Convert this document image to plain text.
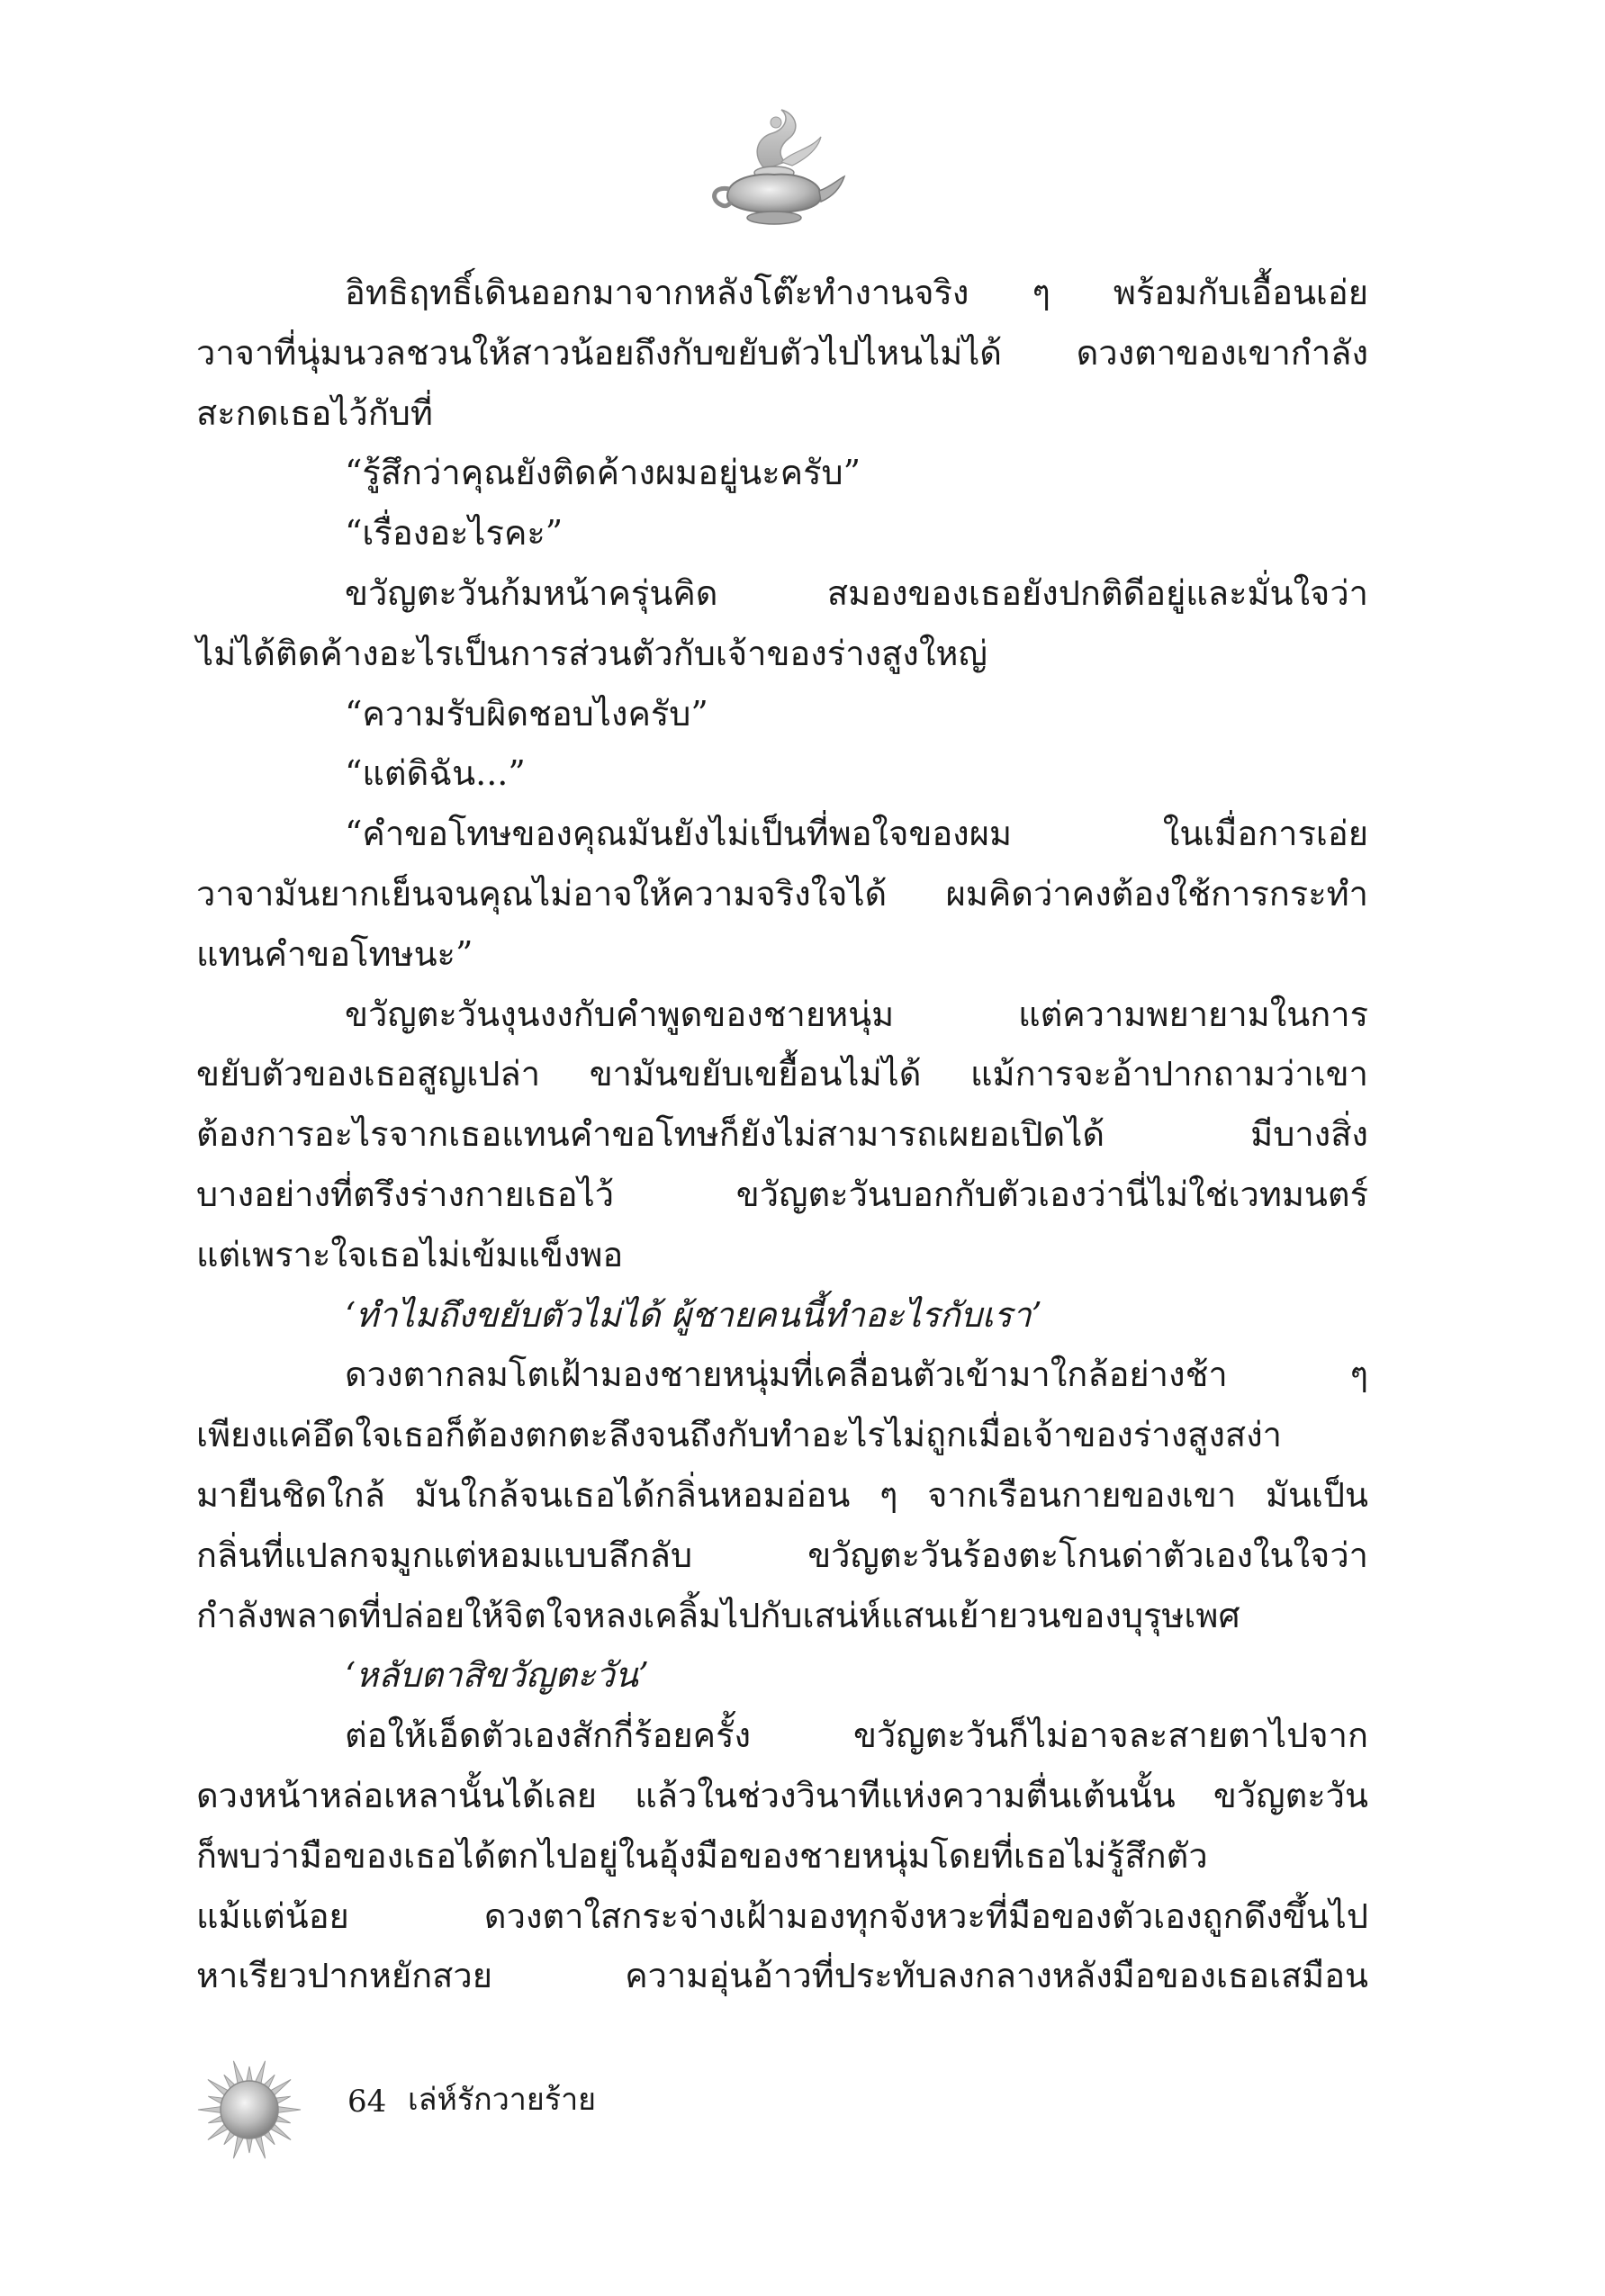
อิทธิฤทธิ์เดินออกมาจากหลังโต๊ะทำงานจริง ๆ พร้อมกับเอื้อนเอ่ย
วาจาที่นุ่มนวลชวนให้สาวน้อยถึงกับขยับตัวไปไหนไม่ได้ ดวงตาของเขากำลัง
สะกดเธอไว้กับที่
“รู้สึกว่าคุณยังติดค้างผมอยู่นะครับ”
“เรื่องอะไรคะ”
ขวัญตะวันก้มหน้าครุ่นคิด สมองของเธอยังปกติดีอยู่และมั่นใจว่า
ไม่ได้ติดค้างอะไรเป็นการส่วนตัวกับเจ้าของร่างสูงใหญ่
“ความรับผิดชอบไงครับ”
“แต่ดิฉัน...”
“คำขอโทษของคุณมันยังไม่เป็นที่พอใจของผม ในเมื่อการเอ่ย
วาจามันยากเย็นจนคุณไม่อาจให้ความจริงใจได้ ผมคิดว่าคงต้องใช้การกระทำ
แทนคำขอโทษนะ”
ขวัญตะวันงุนงงกับคำพูดของชายหนุ่ม แต่ความพยายามในการ
ขยับตัวของเธอสูญเปล่า ขามันขยับเขยื้อนไม่ได้ แม้การจะอ้าปากถามว่าเขา
ต้องการอะไรจากเธอแทนคำขอโทษก็ยังไม่สามารถเผยอเปิดได้ มีบางสิ่ง
บางอย่างที่ตรึงร่างกายเธอไว้ ขวัญตะวันบอกกับตัวเองว่านี่ไม่ใช่เวทมนตร์
แต่เพราะใจเธอไม่เข้มแข็งพอ
‘ทำไมถึงขยับตัวไม่ได้ ผู้ชายคนนี้ทำอะไรกับเรา’
ดวงตากลมโตเฝ้ามองชายหนุ่มที่เคลื่อนตัวเข้ามาใกล้อย่างช้า ๆ
เพียงแค่อึดใจเธอก็ต้องตกตะลึงจนถึงกับทำอะไรไม่ถูกเมื่อเจ้าของร่างสูงสง่า
มายืนชิดใกล้ มันใกล้จนเธอได้กลิ่นหอมอ่อน ๆ จากเรือนกายของเขา มันเป็น
กลิ่นที่แปลกจมูกแต่หอมแบบลึกลับ ขวัญตะวันร้องตะโกนด่าตัวเองในใจว่า
กำลังพลาดที่ปล่อยให้จิตใจหลงเคลิ้มไปกับเสน่ห์แสนเย้ายวนของบุรุษเพศ
‘หลับตาสิขวัญตะวัน’
ต่อให้เอ็ดตัวเองสักกี่ร้อยครั้ง ขวัญตะวันก็ไม่อาจละสายตาไปจาก
ดวงหน้าหล่อเหลานั้นได้เลย แล้วในช่วงวินาทีแห่งความตื่นเต้นนั้น ขวัญตะวัน
ก็พบว่ามือของเธอได้ตกไปอยู่ในอุ้งมือของชายหนุ่มโดยที่เธอไม่รู้สึกตัว
แม้แต่น้อย ดวงตาใสกระจ่างเฝ้ามองทุกจังหวะที่มือของตัวเองถูกดึงขึ้นไป
หาเรียวปากหยักสวย ความอุ่นอ้าวที่ประทับลงกลางหลังมือของเธอเสมือน
64 เล่ห์รักวายร้าย
